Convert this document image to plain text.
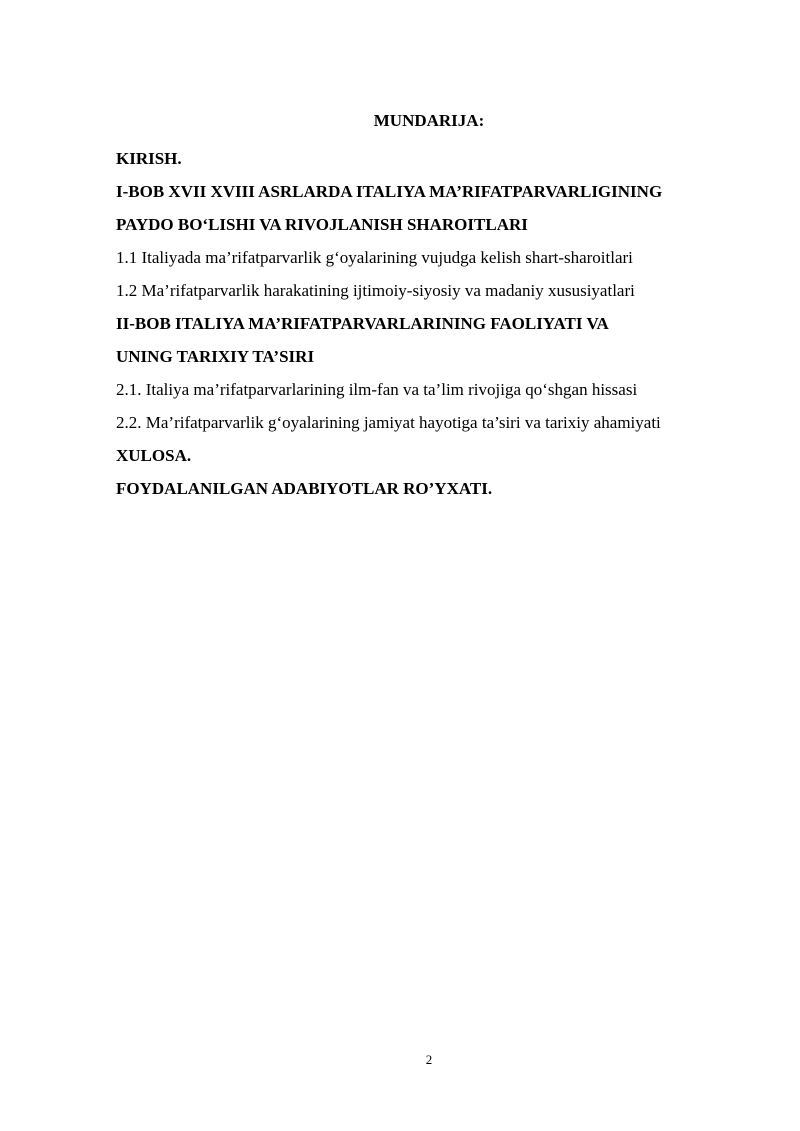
MUNDARIJA:
KIRISH.
I-BOB XVII XVIII ASRLARDA ITALIYA MA’RIFATPARVARLIGINING
PAYDO BO‘LISHI VA RIVOJLANISH SHAROITLARI
1.1 Italiyada ma’rifatparvarlik g‘oyalarining vujudga kelish shart-sharoitlari
1.2 Ma’rifatparvarlik harakatining ijtimoiy-siyosiy va madaniy xususiyatlari
II-BOB ITALIYA MA’RIFATPARVARLARINING FAOLIYATI VA
UNING TARIXIY TA’SIRI
2.1. Italiya ma’rifatparvarlarining ilm-fan va ta’lim rivojiga qo‘shgan hissasi
2.2. Ma’rifatparvarlik g‘oyalarining jamiyat hayotiga ta’siri va tarixiy ahamiyati
XULOSA.
FOYDALANILGAN ADABIYOTLAR RO’YXATI.
2
